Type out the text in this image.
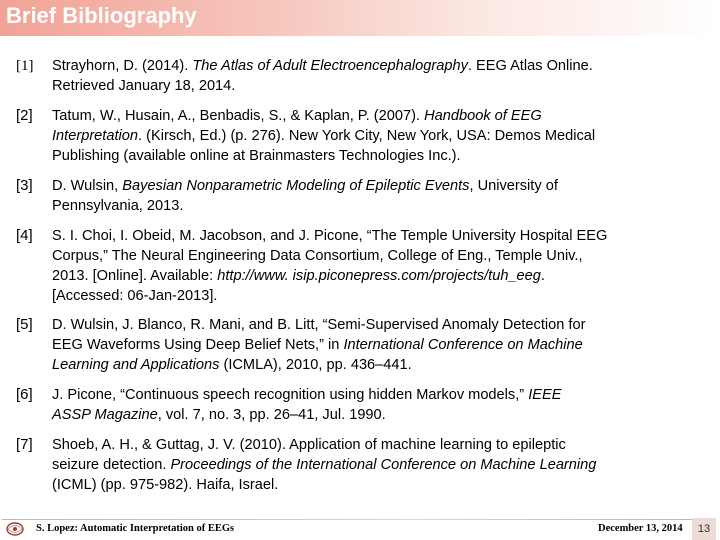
Brief Bibliography
[1] Strayhorn, D. (2014). The Atlas of Adult Electroencephalography. EEG Atlas Online.
Retrieved January 18, 2014.
[2] Tatum, W., Husain, A., Benbadis, S., & Kaplan, P. (2007). Handbook of EEG
Interpretation. (Kirsch, Ed.) (p. 276). New York City, New York, USA: Demos Medical
Publishing (available online at Brainmasters Technologies Inc.).
[3] D. Wulsin, Bayesian Nonparametric Modeling of Epileptic Events, University of
Pennsylvania, 2013.
[4] S. I. Choi, I. Obeid, M. Jacobson, and J. Picone, “The Temple University Hospital EEG
Corpus,” The Neural Engineering Data Consortium, College of Eng., Temple Univ.,
2013. [Online]. Available: http://www. isip.piconepress.com/projects/tuh_eeg.
[Accessed: 06-Jan-2013].
[5] D. Wulsin, J. Blanco, R. Mani, and B. Litt, “Semi-Supervised Anomaly Detection for
EEG Waveforms Using Deep Belief Nets,” in International Conference on Machine
Learning and Applications (ICMLA), 2010, pp. 436–441.
[6] J. Picone, “Continuous speech recognition using hidden Markov models,” IEEE
ASSP Magazine, vol. 7, no. 3, pp. 26–41, Jul. 1990.
[7] Shoeb, A. H., & Guttag, J. V. (2010). Application of machine learning to epileptic
seizure detection. Proceedings of the International Conference on Machine Learning
(ICML) (pp. 975-982). Haifa, Israel.
S. Lopez: Automatic Interpretation of EEGs	December 13, 2014	13
